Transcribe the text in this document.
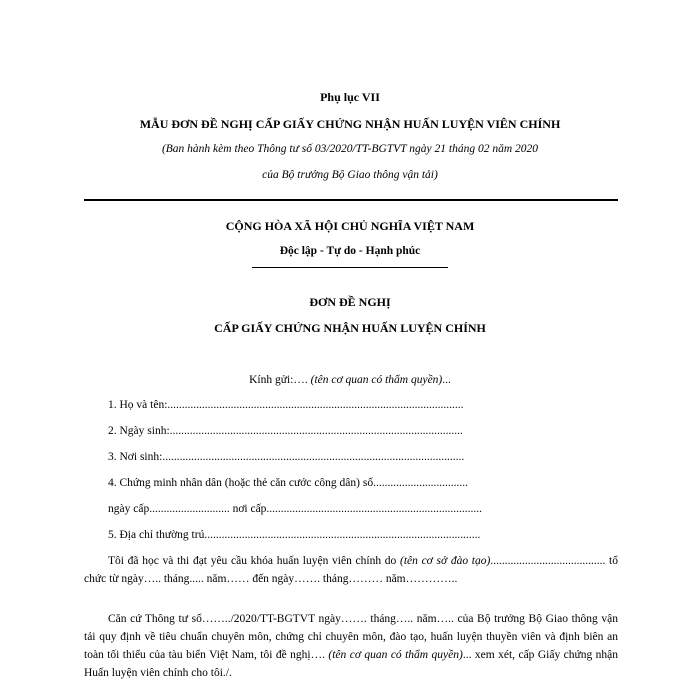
Phụ lục VII
MẪU ĐƠN ĐỀ NGHỊ CẤP GIẤY CHỨNG NHẬN HUẤN LUYỆN VIÊN CHÍNH
(Ban hành kèm theo Thông tư số 03/2020/TT-BGTVT ngày 21 tháng 02 năm 2020
của Bộ trưởng Bộ Giao thông vận tải)
CỘNG HÒA XÃ HỘI CHỦ NGHĨA VIỆT NAM
Độc lập - Tự do - Hạnh phúc
ĐƠN ĐỀ NGHỊ
CẤP GIẤY CHỨNG NHẬN HUẤN LUYỆN CHÍNH
Kính gửi:…. (tên cơ quan có thẩm quyền)...
1. Họ và tên:.......................................................................................................
2. Ngày sinh:......................................................................................................
3. Nơi sinh:.........................................................................................................
4. Chứng minh nhân dân (hoặc thẻ căn cước công dân) số.................................
ngày cấp............................ nơi cấp...........................................................................
5. Địa chỉ thường trú................................................................................................
Tôi đã học và thi đạt yêu cầu khóa huấn luyện viên chính do (tên cơ sở đào tạo)........................................ tổ chức từ ngày….. tháng..... năm…… đến ngày……. tháng……… năm…………..
Căn cứ Thông tư số……../2020/TT-BGTVT ngày……. tháng….. năm….. của Bộ trưởng Bộ Giao thông vận tải quy định về tiêu chuẩn chuyên môn, chứng chỉ chuyên môn, đào tạo, huấn luyện thuyền viên và định biên an toàn tối thiểu của tàu biển Việt Nam, tôi đề nghị…. (tên cơ quan có thẩm quyền)... xem xét, cấp Giấy chứng nhận Huấn luyện viên chính cho tôi./.
